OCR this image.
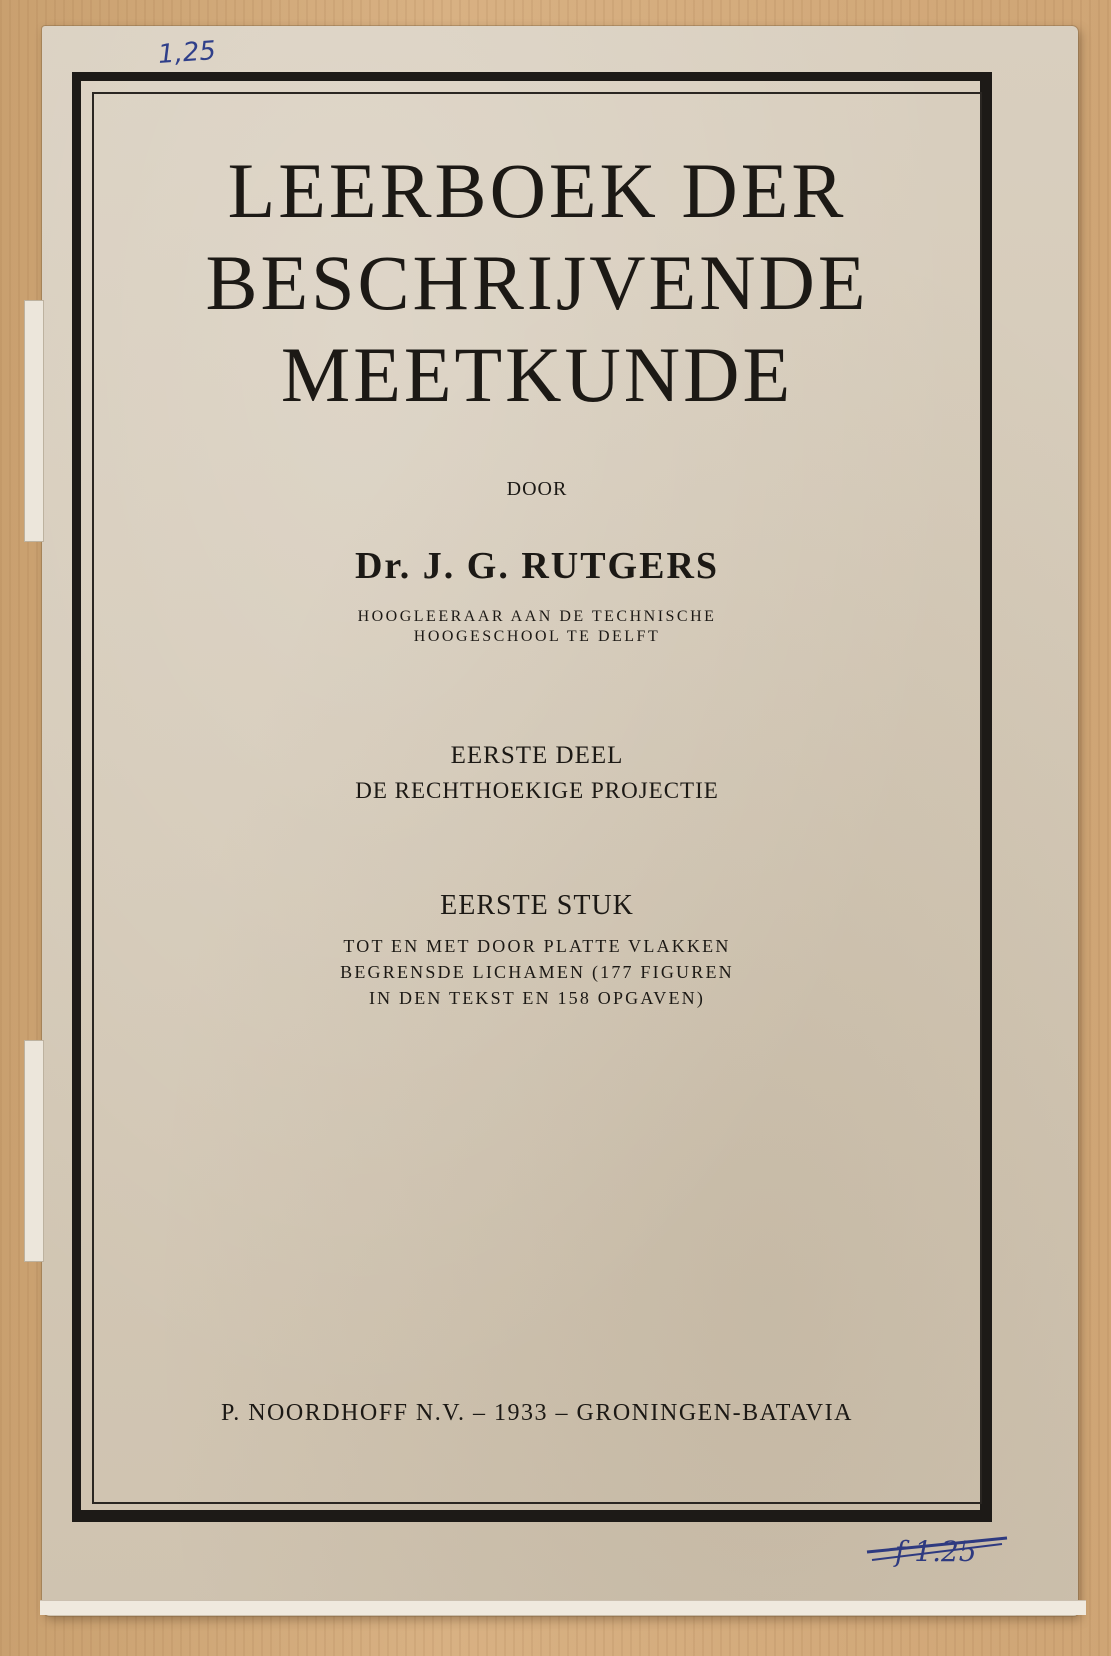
1,25
LEERBOEK DER
BESCHRIJVENDE
MEETKUNDE
DOOR
Dr. J. G. RUTGERS
HOOGLEERAAR AAN DE TECHNISCHE
HOOGESCHOOL TE DELFT
EERSTE DEEL
DE RECHTHOEKIGE PROJECTIE
EERSTE STUK
TOT EN MET DOOR PLATTE VLAKKEN
BEGRENSDE LICHAMEN (177 FIGUREN
IN DEN TEKST EN 158 OPGAVEN)
P. NOORDHOFF N.V. – 1933 – GRONINGEN-BATAVIA
f 1.25
